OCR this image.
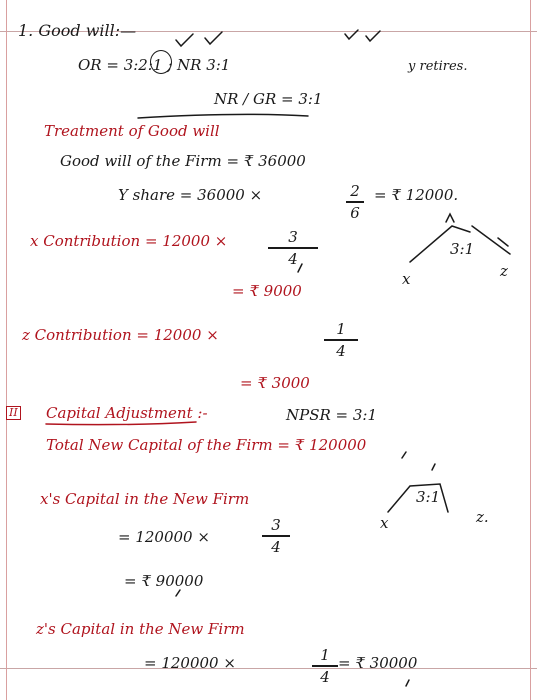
1. Good will:—
OR = 3:2:1 ; NR 3:1	y retires.
NR / GR = 3:1
Treatment of Good will
Good will of the Firm = ₹ 36000
Y share = 36000 ×	2
6
= ₹ 12000.
3:1
x	z
x Contribution = 12000 ×	3
4
= ₹ 9000
z Contribution = 12000 ×	1
4
= ₹ 3000
II Capital Adjustment :-	NPSR = 3:1
Total New Capital of the Firm = ₹ 120000
x's Capital in the New Firm	3:1
x	z.
= 120000 ×
3
4
= ₹ 90000
z's Capital in the New Firm
= 120000 ×	1
4
= ₹ 30000
